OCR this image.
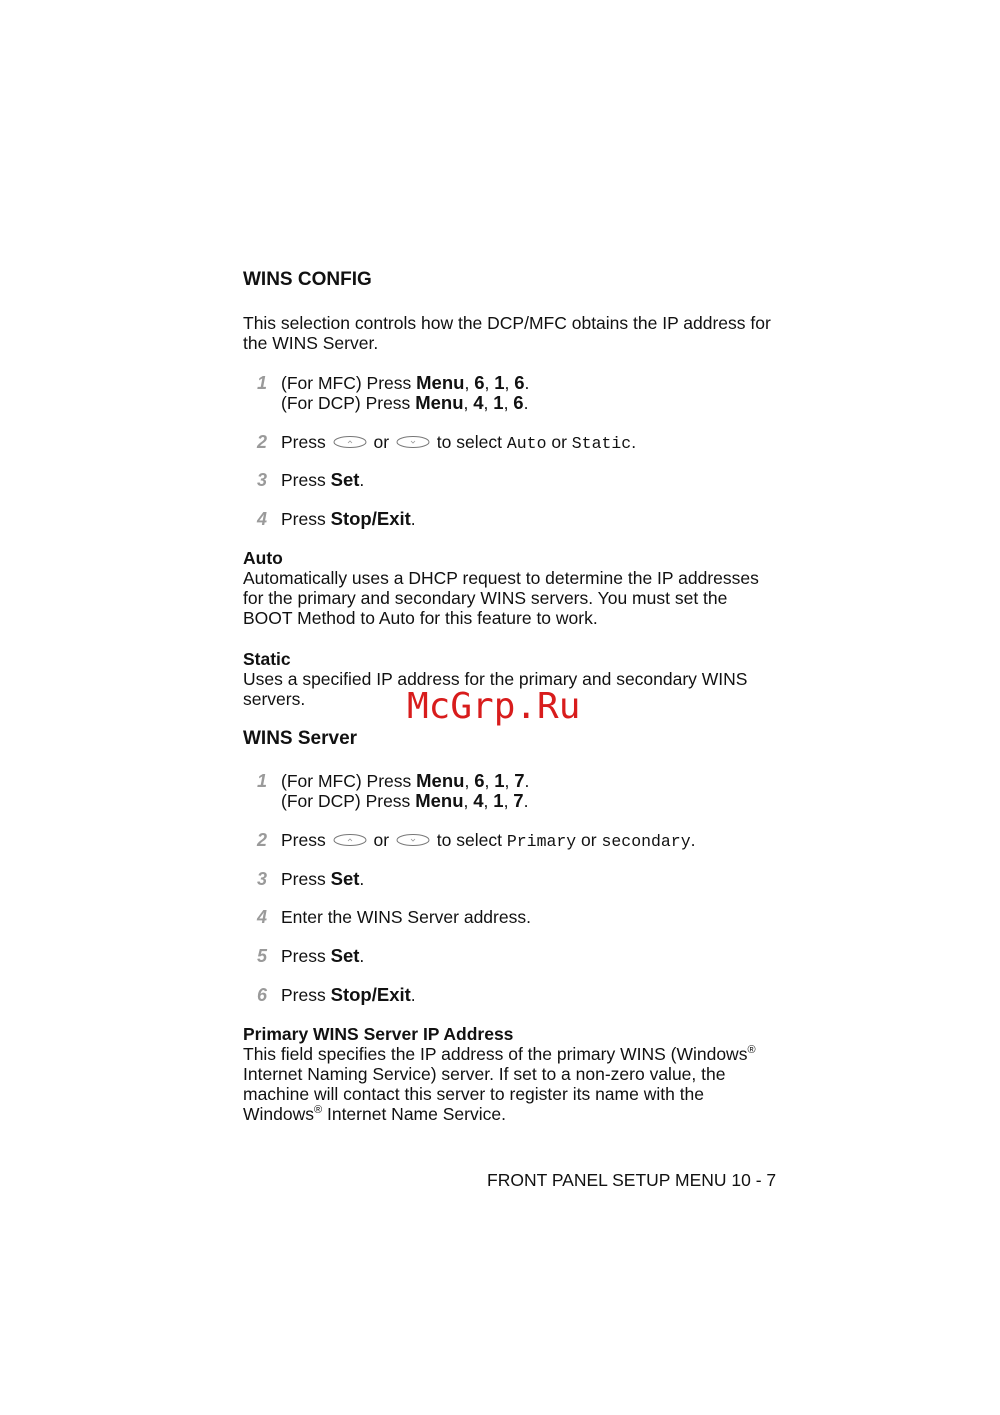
WINS CONFIG

This selection controls how the DCP/MFC obtains the IP address for

the WINS Server.

1 (For MFC) Press Menu, 6, 1, 6.
(For DCP) Press Menu, 4, 1, 6.
2 Press	or	to select Auto or Static.
3 Press Set.
4 Press Stop/Exit.
Auto

Automatically uses a DHCP request to determine the IP addresses

for the primary and secondary WINS servers. You must set the

BOOT Method to Auto for this feature to work.

Static

Uses a specified IP address for the primary and secondary WINS

servers.	McGrp.Ru
WINS Server
1 (For MFC) Press Menu, 6, 1, 7.
(For DCP) Press Menu, 4, 1, 7.
2 Press	or	to select Primary or secondary.
3 Press Set.
4 Enter the WINS Server address.
5 Press Set.
6 Press Stop/Exit.
Primary WINS Server IP Address

This field specifies the IP address of the primary WINS (Windows®

Internet Naming Service) server. If set to a non-zero value, the

machine will contact this server to register its name with the

Windows® Internet Name Service.

FRONT PANEL SETUP MENU 10 - 7
